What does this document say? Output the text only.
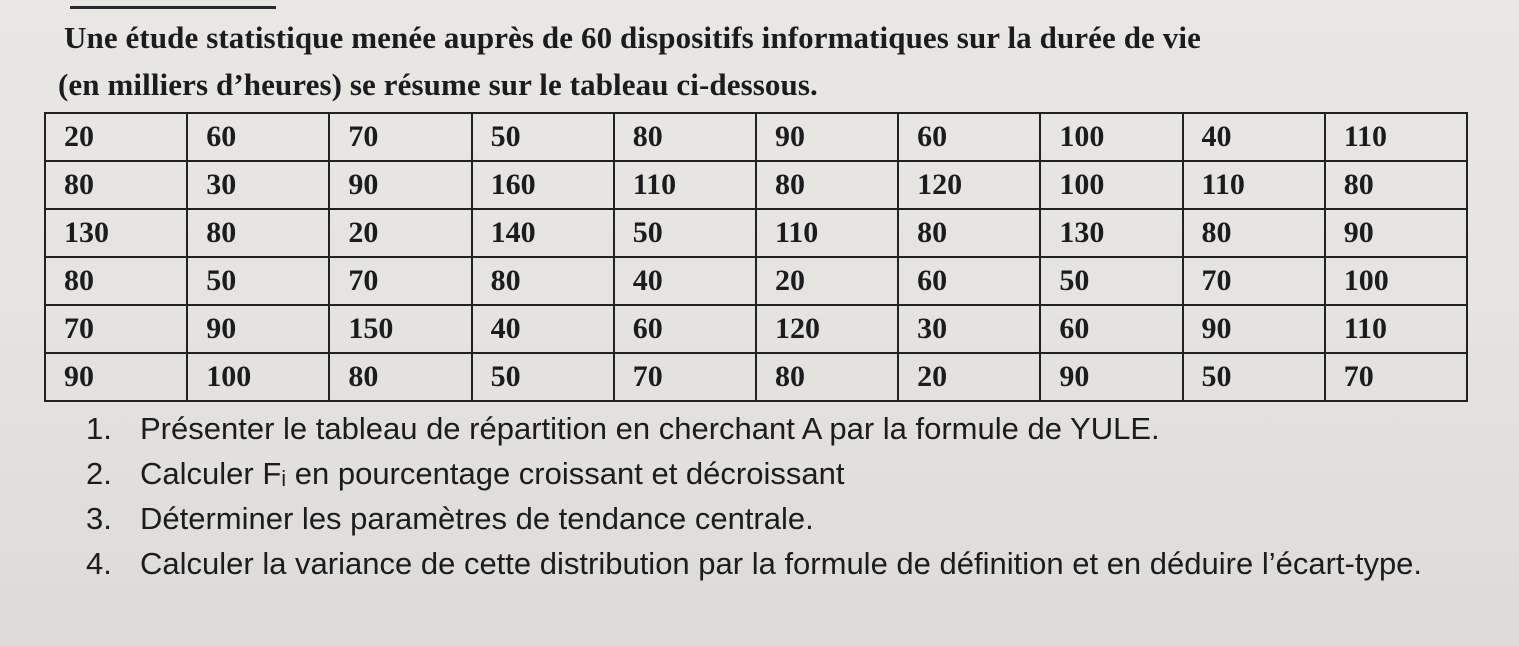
Une étude statistique menée auprès de 60 dispositifs informatiques sur la durée de vie

(en milliers d’heures) se résume sur le tableau ci-dessous.

20	60	70	50	80	90	60	100	40	110
80	30	90	160	110	80	120	100	110	80
130	80	20	140	50	110	80	130	80	90
80	50	70	80	40	20	60	50	70	100
70	90	150	40	60	120	30	60	90	110
90	100	80	50	70	80	20	90	50	70
1. Présenter le tableau de répartition en cherchant A par la formule de YULE.
2. Calculer Fᵢ en pourcentage croissant et décroissant
3. Déterminer les paramètres de tendance centrale.
4. Calculer la variance de cette distribution par la formule de définition et en déduire l’écart-type.
